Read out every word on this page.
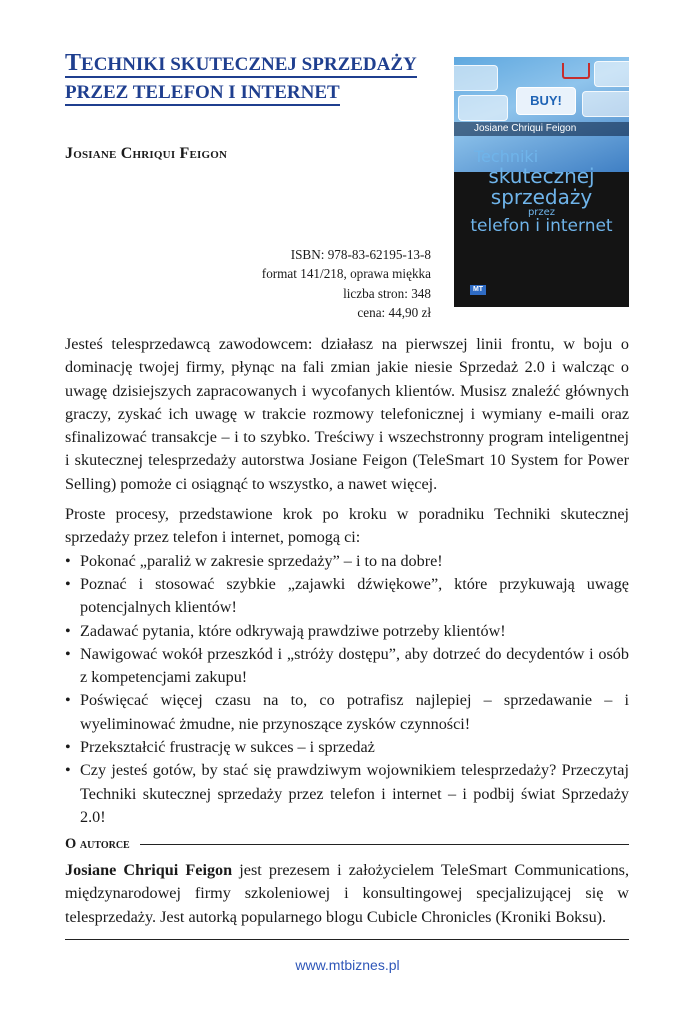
TECHNIKI SKUTECZNEJ SPRZEDAŻY
PRZEZ TELEFON I INTERNET
Josiane Chriqui Feigon
ISBN: 978-83-62195-13-8
format 141/218, oprawa miękka
liczba stron: 348
cena: 44,90 zł
BUY!
Josiane Chriqui Feigon
Techniki
skutecznej
sprzedaży
przez
telefon i internet
MT

Jesteś telesprzedawcą zawodowcem: działasz na pierwszej linii frontu, w boju o dominację twojej firmy, płynąc na fali zmian jakie niesie Sprzedaż 2.0 i walcząc o uwagę dzisiejszych zapracowanych i wycofanych klientów. Musisz znaleźć głównych graczy, zyskać ich uwagę w trakcie rozmowy telefonicznej i wymiany e-maili oraz sfinalizować transakcje – i to szybko. Treściwy i wszechstronny program inteligentnej i skutecznej telesprzedaży autorstwa Josiane Feigon (TeleSmart 10 System for Power Selling) pomoże ci osiągnąć to wszystko, a nawet więcej.

Proste procesy, przedstawione krok po kroku w poradniku Techniki skutecznej sprzedaży przez telefon i internet, pomogą ci:

• Pokonać „paraliż w zakresie sprzedaży” – i to na dobre!
• Poznać i stosować szybkie „zajawki dźwiękowe”, które przykuwają uwagę potencjalnych klientów!
• Zadawać pytania, które odkrywają prawdziwe potrzeby klientów!
• Nawigować wokół przeszkód i „stróży dostępu”, aby dotrzeć do decydentów i osób z kompetencjami zakupu!
• Poświęcać więcej czasu na to, co potrafisz najlepiej – sprzedawanie – i wyeliminować żmudne, nie przynoszące zysków czynności!
• Przekształcić frustrację w sukces – i sprzedaż
• Czy jesteś gotów, by stać się prawdziwym wojownikiem telesprzedaży? Przeczytaj Techniki skutecznej sprzedaży przez telefon i internet – i podbij świat Sprzedaży 2.0!
O autorce
Josiane Chriqui Feigon jest prezesem i założycielem TeleSmart Communications, międzynarodowej firmy szkoleniowej i konsultingowej specjalizującej się w telesprzedaży. Jest autorką popularnego blogu Cubicle Chronicles (Kroniki Boksu).
www.mtbiznes.pl
